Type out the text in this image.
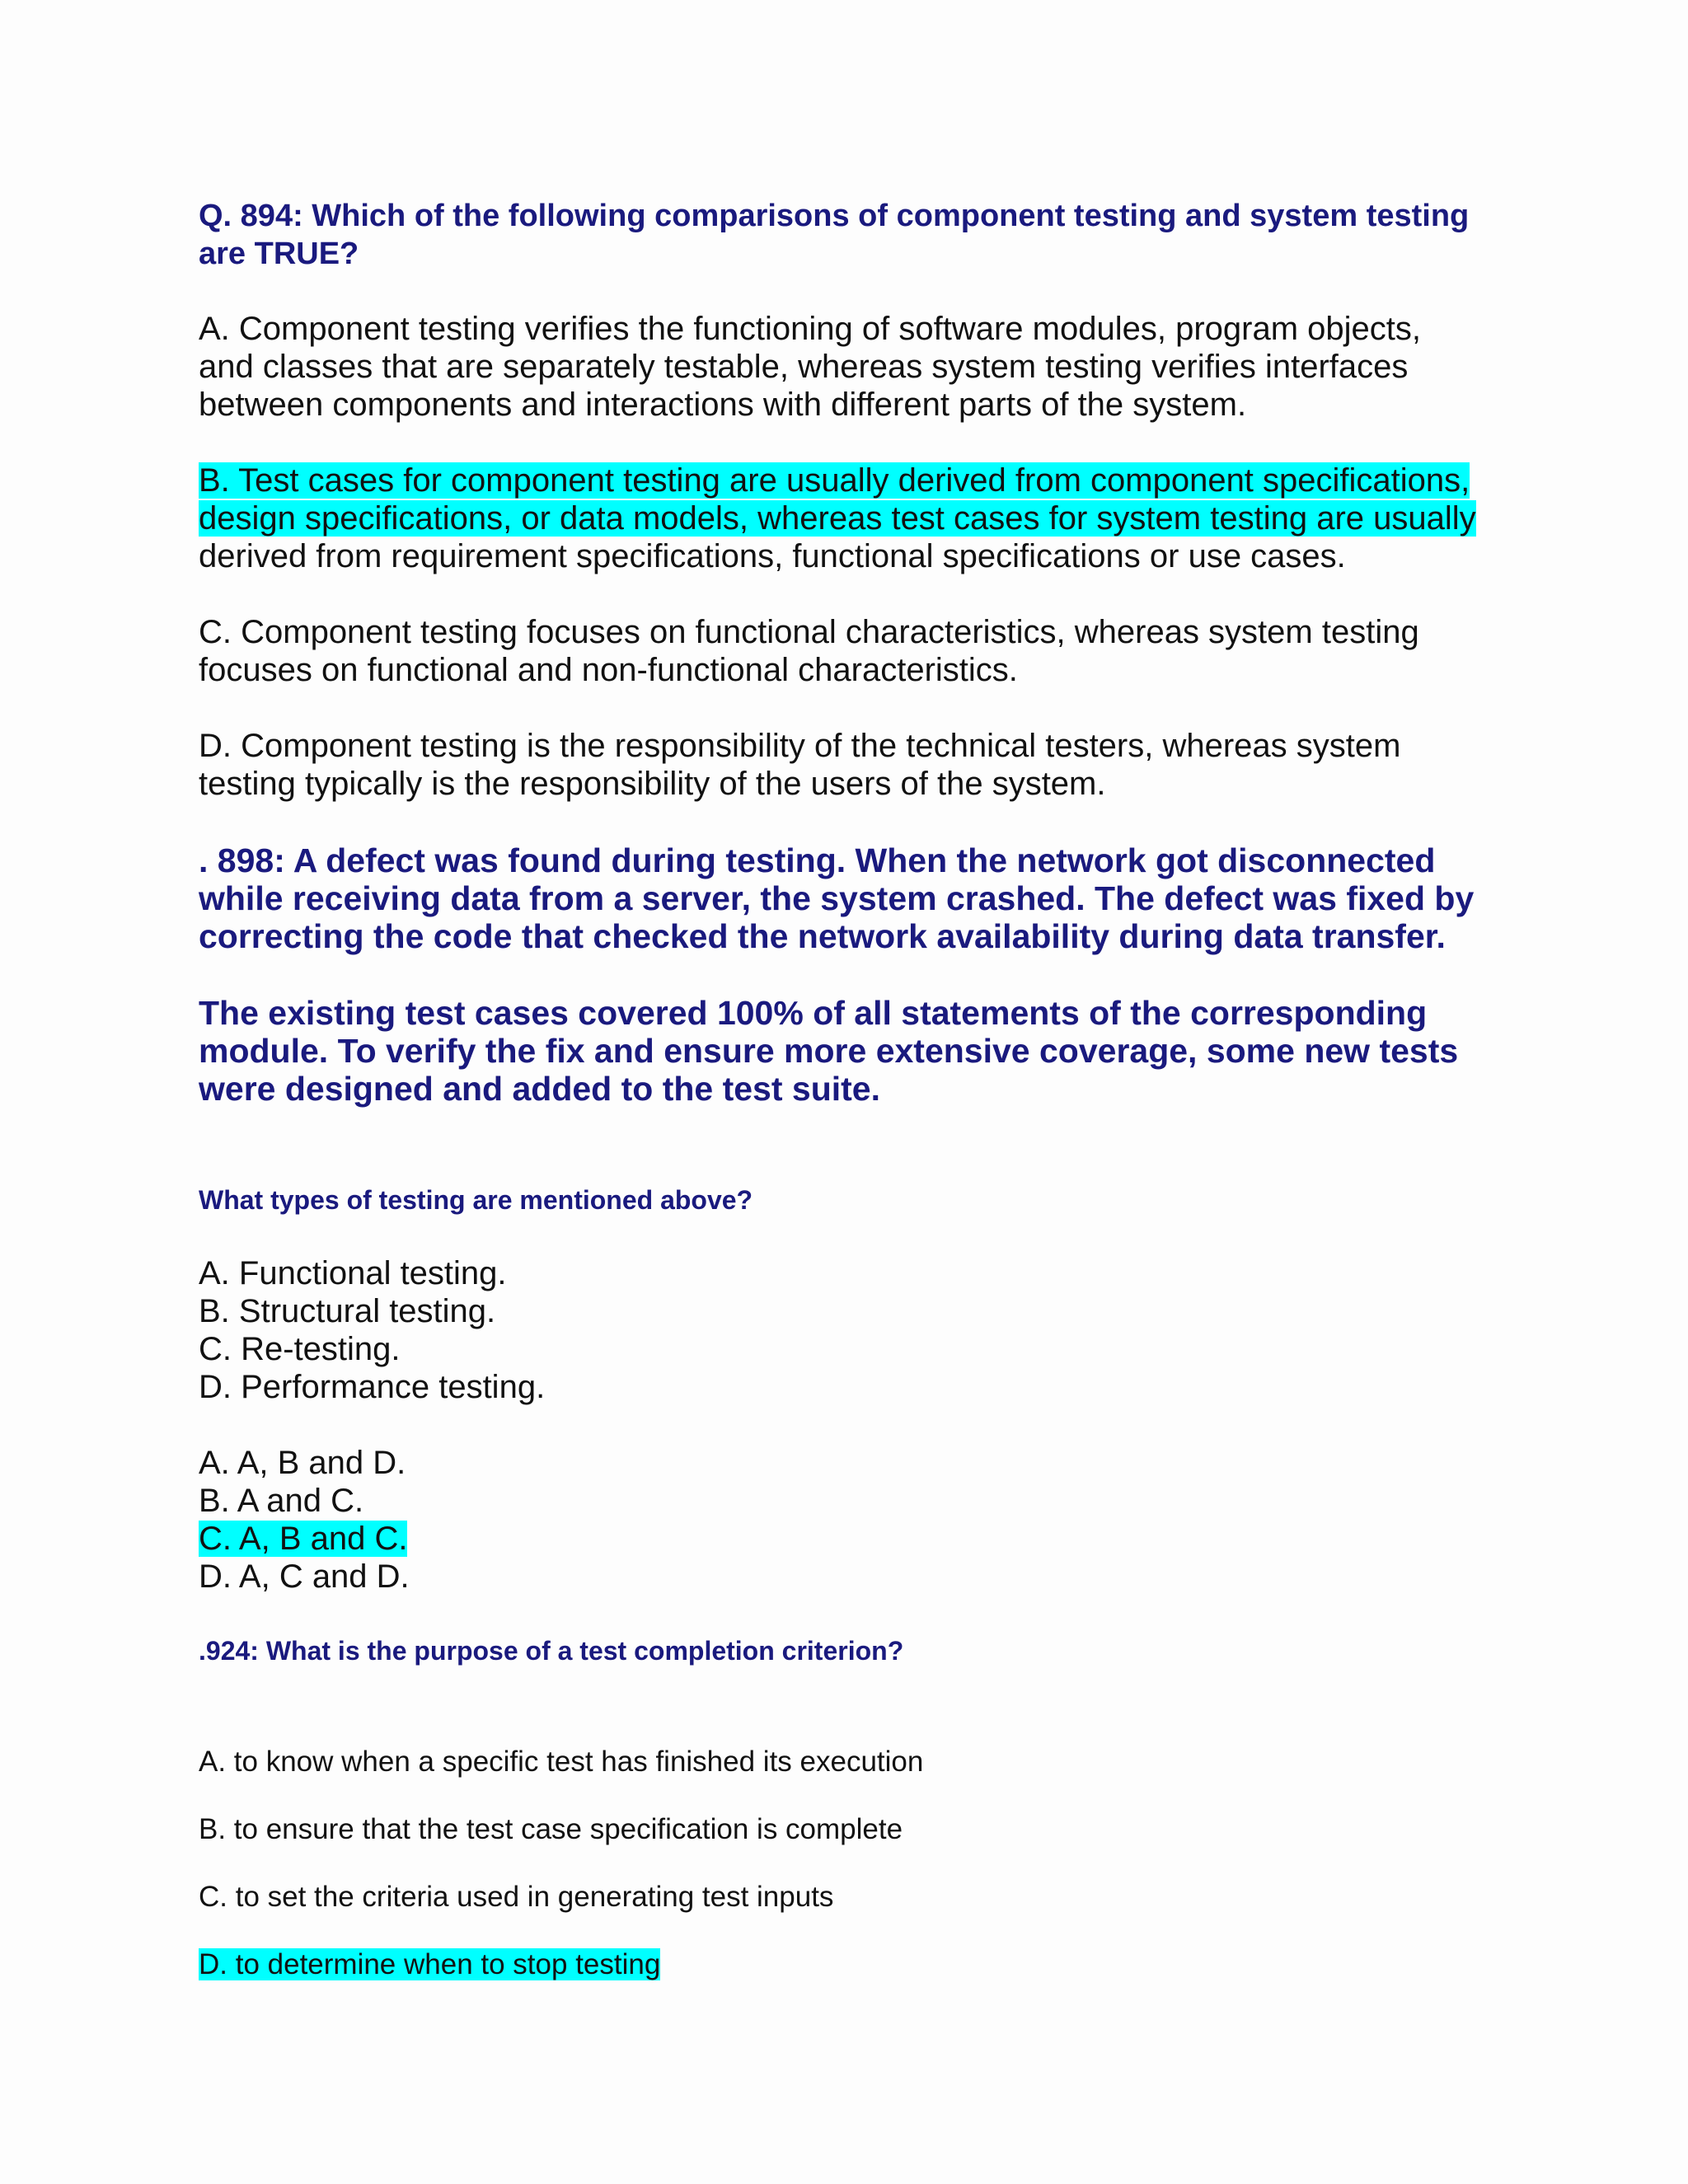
Q. 894: Which of the following comparisons of component testing and system testing
are TRUE?
A. Component testing verifies the functioning of software modules, program objects,
and classes that are separately testable, whereas system testing verifies interfaces
between components and interactions with different parts of the system.
B. Test cases for component testing are usually derived from component specifications,
design specifications, or data models, whereas test cases for system testing are usually
derived from requirement specifications, functional specifications or use cases.
C. Component testing focuses on functional characteristics, whereas system testing
focuses on functional and non-functional characteristics.
D. Component testing is the responsibility of the technical testers, whereas system
testing typically is the responsibility of the users of the system.
. 898: A defect was found during testing. When the network got disconnected
while receiving data from a server, the system crashed. The defect was fixed by
correcting the code that checked the network availability during data transfer.
The existing test cases covered 100% of all statements of the corresponding
module. To verify the fix and ensure more extensive coverage, some new tests
were designed and added to the test suite.
What types of testing are mentioned above?
A. Functional testing.
B. Structural testing.
C. Re-testing.
D. Performance testing.
A. A, B and D.
B. A and C.
C. A, B and C.
D. A, C and D.
.924: What is the purpose of a test completion criterion?
A. to know when a specific test has finished its execution
B. to ensure that the test case specification is complete
C. to set the criteria used in generating test inputs
D. to determine when to stop testing
